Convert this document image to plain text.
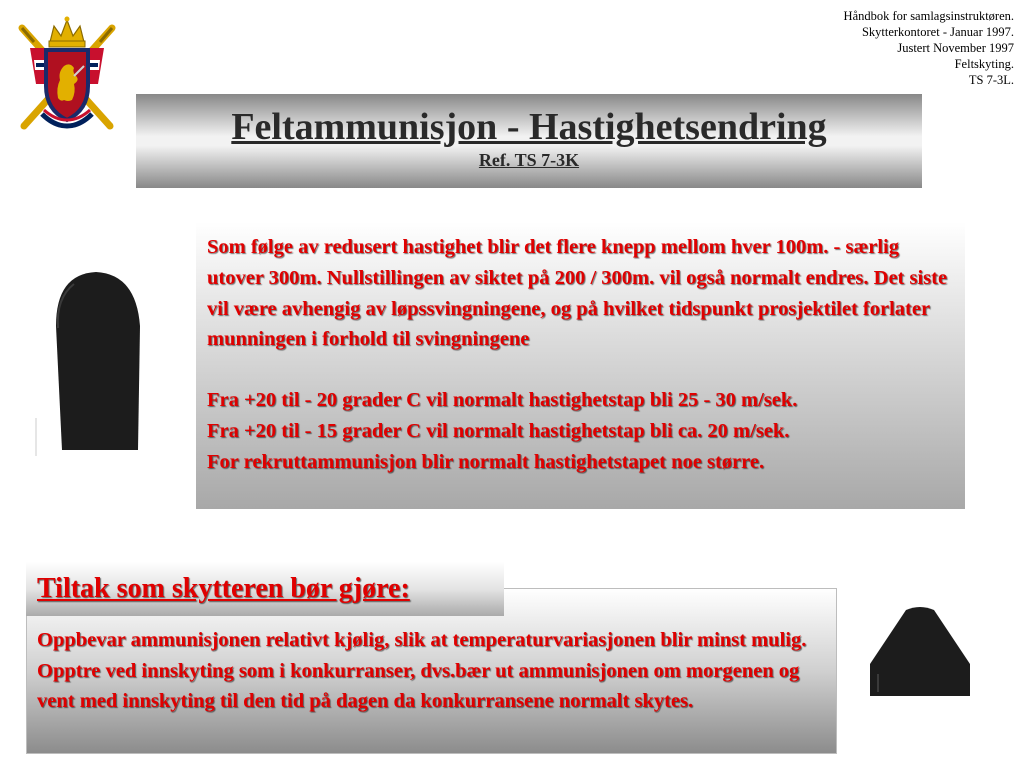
Håndbok for samlagsinstruktøren.
Skytterkontoret - Januar 1997.
Justert November 1997
Feltskyting.
TS 7-3L.
Feltammunisjon - Hastighetsendring
Ref. TS 7-3K

Som følge av redusert hastighet blir det flere knepp mellom hver 100m. - særlig utover 300m. Nullstillingen av siktet på 200 / 300m. vil også normalt endres. Det siste vil være avhengig av løpssvingningene, og på hvilket tidspunkt prosjektilet forlater munningen i forhold til svingningene

Fra +20 til - 20 grader C vil normalt hastighetstap bli 25 - 30 m/sek.

Fra +20 til - 15 grader C vil normalt hastighetstap bli ca. 20 m/sek.

For rekruttammunisjon blir normalt hastighetstapet noe større.

Oppbevar ammunisjonen relativt kjølig, slik at temperaturvariasjonen blir minst mulig. Opptre ved innskyting som i konkurranser, dvs.bær ut ammunisjonen om morgenen og vent med innskyting til den tid på dagen da konkurransene normalt skytes.
Tiltak som skytteren bør gjøre:
